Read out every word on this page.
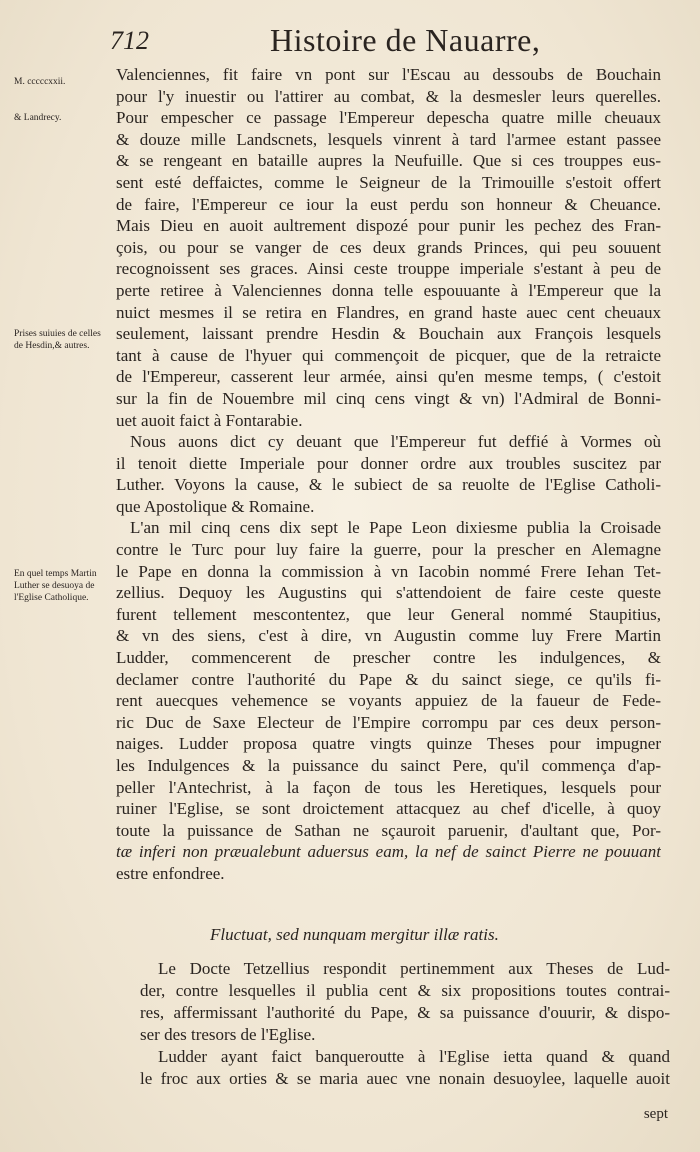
712	Histoire de Nauarre,
M. cccccxxii.
& Landrecy.
Prises suiuies de celles de Hesdin,& autres.
En quel temps Martin Luther se desuoya de l'Eglise Catholique.
Valenciennes, fit faire vn pont sur l'Escau au dessoubs de Bouchain
pour l'y inuestir ou l'attirer au combat, & la desmesler leurs querelles.
Pour empescher ce passage l'Empereur depescha quatre mille cheuaux
& douze mille Landscnets, lesquels vinrent à tard l'armee estant passee
& se rengeant en bataille aupres la Neufuille. Que si ces trouppes eus-
sent esté deffaictes, comme le Seigneur de la Trimouille s'estoit offert
de faire, l'Empereur ce iour la eust perdu son honneur & Cheuance.
Mais Dieu en auoit aultrement dispozé pour punir les pechez des Fran-
çois, ou pour se vanger de ces deux grands Princes, qui peu souuent
recognoissent ses graces. Ainsi ceste trouppe imperiale s'estant à peu de
perte retiree à Valenciennes donna telle espouuante à l'Empereur que la
nuict mesmes il se retira en Flandres, en grand haste auec cent cheuaux
seulement, laissant prendre Hesdin & Bouchain aux François lesquels
tant à cause de l'hyuer qui commençoit de picquer, que de la retraicte
de l'Empereur, casserent leur armée, ainsi qu'en mesme temps, ( c'estoit
sur la fin de Nouembre mil cinq cens vingt & vn) l'Admiral de Bonni-
uet auoit faict à Fontarabie.
Nous auons dict cy deuant que l'Empereur fut deffié à Vormes où
il tenoit diette Imperiale pour donner ordre aux troubles suscitez par
Luther. Voyons la cause, & le subiect de sa reuolte de l'Eglise Catholi-
que Apostolique & Romaine.
L'an mil cinq cens dix sept le Pape Leon dixiesme publia la Croisade
contre le Turc pour luy faire la guerre, pour la prescher en Alemagne
le Pape en donna la commission à vn Iacobin nommé Frere Iehan Tet-
zellius. Dequoy les Augustins qui s'attendoient de faire ceste queste
furent tellement mescontentez, que leur General nommé Staupitius,
& vn des siens, c'est à dire, vn Augustin comme luy Frere Martin
Ludder, commencerent de prescher contre les indulgences, &
declamer contre l'authorité du Pape & du sainct siege, ce qu'ils fi-
rent auecques vehemence se voyants appuiez de la faueur de Fede-
ric Duc de Saxe Electeur de l'Empire corrompu par ces deux person-
naiges. Ludder proposa quatre vingts quinze Theses pour impugner
les Indulgences & la puissance du sainct Pere, qu'il commença d'ap-
peller l'Antechrist, à la façon de tous les Heretiques, lesquels pour
ruiner l'Eglise, se sont droictement attacquez au chef d'icelle, à quoy
toute la puissance de Sathan ne sçauroit paruenir, d'aultant que, Por-
tæ inferi non præualebunt aduersus eam, la nef de sainct Pierre ne pouuant
estre enfondree.
Fluctuat, sed nunquam mergitur illæ ratis.
Le Docte Tetzellius respondit pertinemment aux Theses de Lud-
der, contre lesquelles il publia cent & six propositions toutes contrai-
res, affermissant l'authorité du Pape, & sa puissance d'ouurir, & dispo-
ser des tresors de l'Eglise.
Ludder ayant faict banqueroutte à l'Eglise ietta quand & quand
le froc aux orties & se maria auec vne nonain desuoylee, laquelle auoit
sept
